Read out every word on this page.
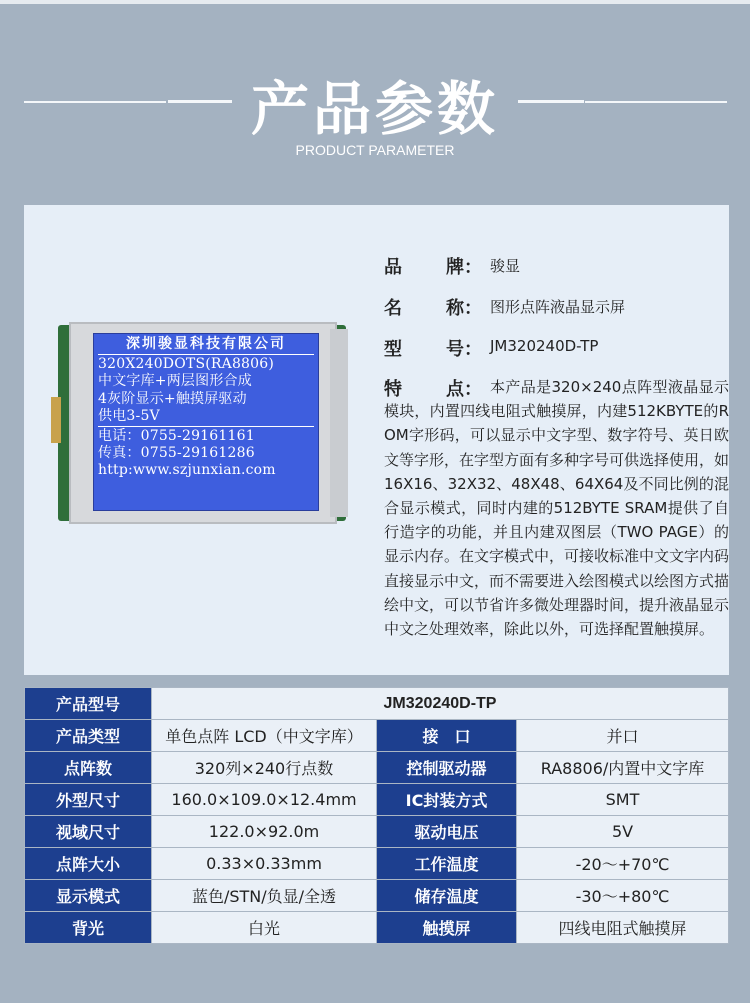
产品参数
PRODUCT PARAMETER
深圳骏显科技有限公司
320X240DOTS(RA8806)
中文字库+两层图形合成
4灰阶显示+触摸屏驱动
供电3-5V
电话：0755-29161161
传真：0755-29161286
http:www.szjunxian.com
品 牌： 骏显
名 称： 图形点阵液晶显示屏
型 号： JM320240D-TP
特 点： 本产品是320×240点阵型液晶显示模块，内置四线电阻式触摸屏，内建512KBYTE的ROM字形码，可以显示中文字型、数字符号、英日欧文等字形，在字型方面有多种字号可供选择使用，如16X16、32X32、48X48、64X64及不同比例的混合显示模式，同时内建的512BYTE SRAM提供了自行造字的功能，并且内建双图层（TWO PAGE）的显示内存。在文字模式中，可接收标准中文文字内码直接显示中文，而不需要进入绘图模式以绘图方式描绘中文，可以节省许多微处理器时间，提升液晶显示中文之处理效率，除此以外，可选择配置触摸屏。
产品型号	JM320240D-TP		
产品类型	单色点阵 LCD（中文字库）	接　口	并口
点阵数	320列×240行点数	控制驱动器	RA8806/内置中文字库
外型尺寸	160.0×109.0×12.4mm	IC封装方式	SMT
视域尺寸	122.0×92.0m	驱动电压	5V
点阵大小	0.33×0.33mm	工作温度	-20～+70℃
显示模式	蓝色/STN/负显/全透	储存温度	-30～+80℃
背光	白光	触摸屏	四线电阻式触摸屏
